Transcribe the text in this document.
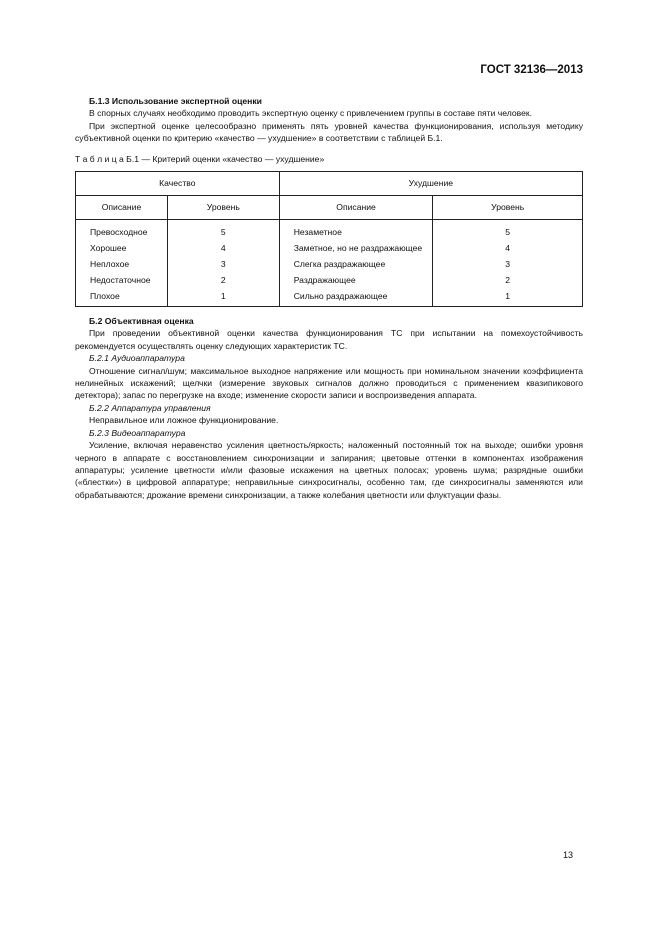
ГОСТ 32136—2013

Б.1.3 Использование экспертной оценки

В спорных случаях необходимо проводить экспертную оценку с привлечением группы в составе пяти человек.

При экспертной оценке целесообразно применять пять уровней качества функционирования, используя методику субъективной оценки по критерию «качество — ухудшение» в соответствии с таблицей Б.1.

Т а б л и ц а Б.1 — Критерий оценки «качество — ухудшение»

Качество		Ухудшение	
Описание	Уровень	Описание	Уровень
Превосходное	5	Незаметное	5
Хорошее	4	Заметное, но не раздражающее	4
Неплохое	3	Слегка раздражающее	3
Недостаточное	2	Раздражающее	2
Плохое	1	Сильно раздражающее	1

Б.2 Объективная оценка

При проведении объективной оценки качества функционирования ТС при испытании на помехоустойчивость рекомендуется осуществлять оценку следующих характеристик ТС.

Б.2.1 Аудиоаппаратура

Отношение сигнал/шум; максимальное выходное напряжение или мощность при номинальном значении коэффициента нелинейных искажений; щелчки (измерение звуковых сигналов должно проводиться с применением квазипикового детектора); запас по перегрузке на входе; изменение скорости записи и воспроизведения аппарата.

Б.2.2 Аппаратура управления

Неправильное или ложное функционирование.

Б.2.3 Видеоаппаратура

Усиление, включая неравенство усиления цветность/яркость; наложенный постоянный ток на выходе; ошибки уровня черного в аппарате с восстановлением синхронизации и запирания; цветовые оттенки в компонентах изображения аппаратуры; усиление цветности и/или фазовые искажения на цветных полосах; уровень шума; разрядные ошибки («блестки») в цифровой аппаратуре; неправильные синхросигналы, особенно там, где синхросигналы заменяются или обрабатываются; дрожание времени синхронизации, а также колебания цветности или флуктуации фазы.

13
